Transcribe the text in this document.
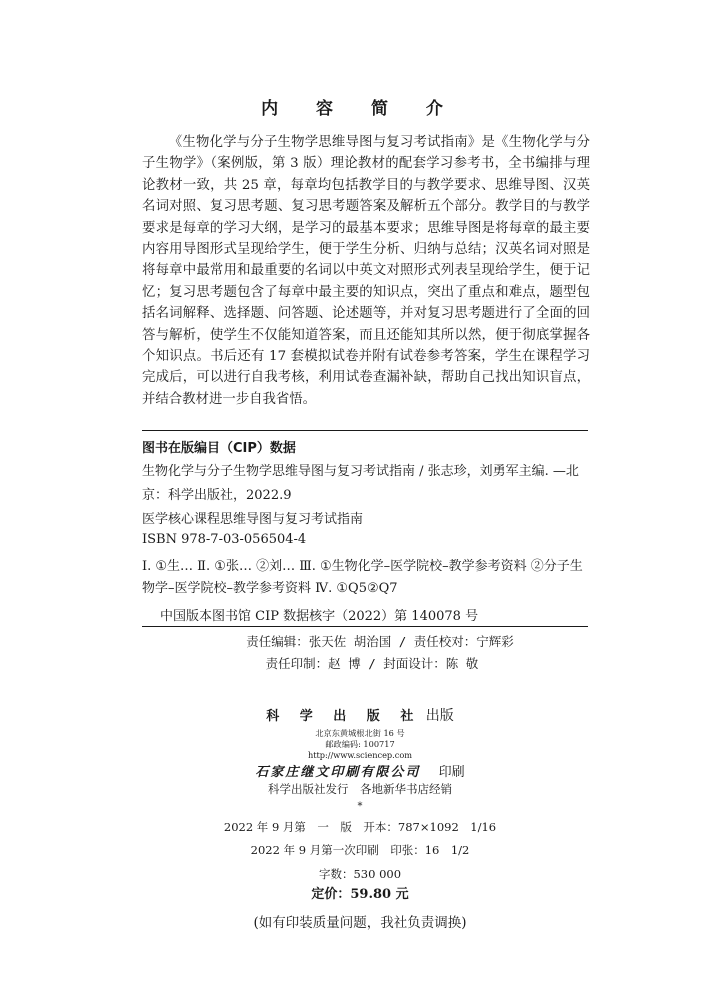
内 容 简 介

《生物化学与分子生物学思维导图与复习考试指南》是《生物化学与分子生物学》（案例版，第 3 版）理论教材的配套学习参考书，全书编排与理论教材一致，共 25 章，每章均包括教学目的与教学要求、思维导图、汉英名词对照、复习思考题、复习思考题答案及解析五个部分。教学目的与教学要求是每章的学习大纲，是学习的最基本要求；思维导图是将每章的最主要内容用导图形式呈现给学生，便于学生分析、归纳与总结；汉英名词对照是将每章中最常用和最重要的名词以中英文对照形式列表呈现给学生，便于记忆；复习思考题包含了每章中最主要的知识点，突出了重点和难点，题型包括名词解释、选择题、问答题、论述题等，并对复习思考题进行了全面的回答与解析，使学生不仅能知道答案，而且还能知其所以然，便于彻底掌握各个知识点。书后还有 17 套模拟试卷并附有试卷参考答案，学生在课程学习完成后，可以进行自我考核，利用试卷查漏补缺，帮助自己找出知识盲点，并结合教材进一步自我省悟。

图书在版编目（CIP）数据
生物化学与分子生物学思维导图与复习考试指南 / 张志珍，刘勇军主编. —北京：科学出版社，2022.9
医学核心课程思维导图与复习考试指南
ISBN 978-7-03-056504-4
Ⅰ. ①生… Ⅱ. ①张… ②刘… Ⅲ. ①生物化学–医学院校–教学参考资料 ②分子生物学–医学院校–教学参考资料 Ⅳ. ①Q5②Q7
中国版本图书馆 CIP 数据核字（2022）第 140078 号
责任编辑：张天佐 胡治国 / 责任校对：宁辉彩
责任印制：赵 博 / 封面设计：陈 敬
科 学 出 版 社 出版
北京东黄城根北街 16 号
邮政编码: 100717
http://www.sciencep.com
石家庄继文印刷有限公司 印刷
科学出版社发行　各地新华书店经销
*
2022 年 9 月第　一　版　开本：787×1092　1/16
2022 年 9 月第一次印刷　印张：16　1/2
字数：530 000
定价：59.80 元
(如有印装质量问题，我社负责调换)
